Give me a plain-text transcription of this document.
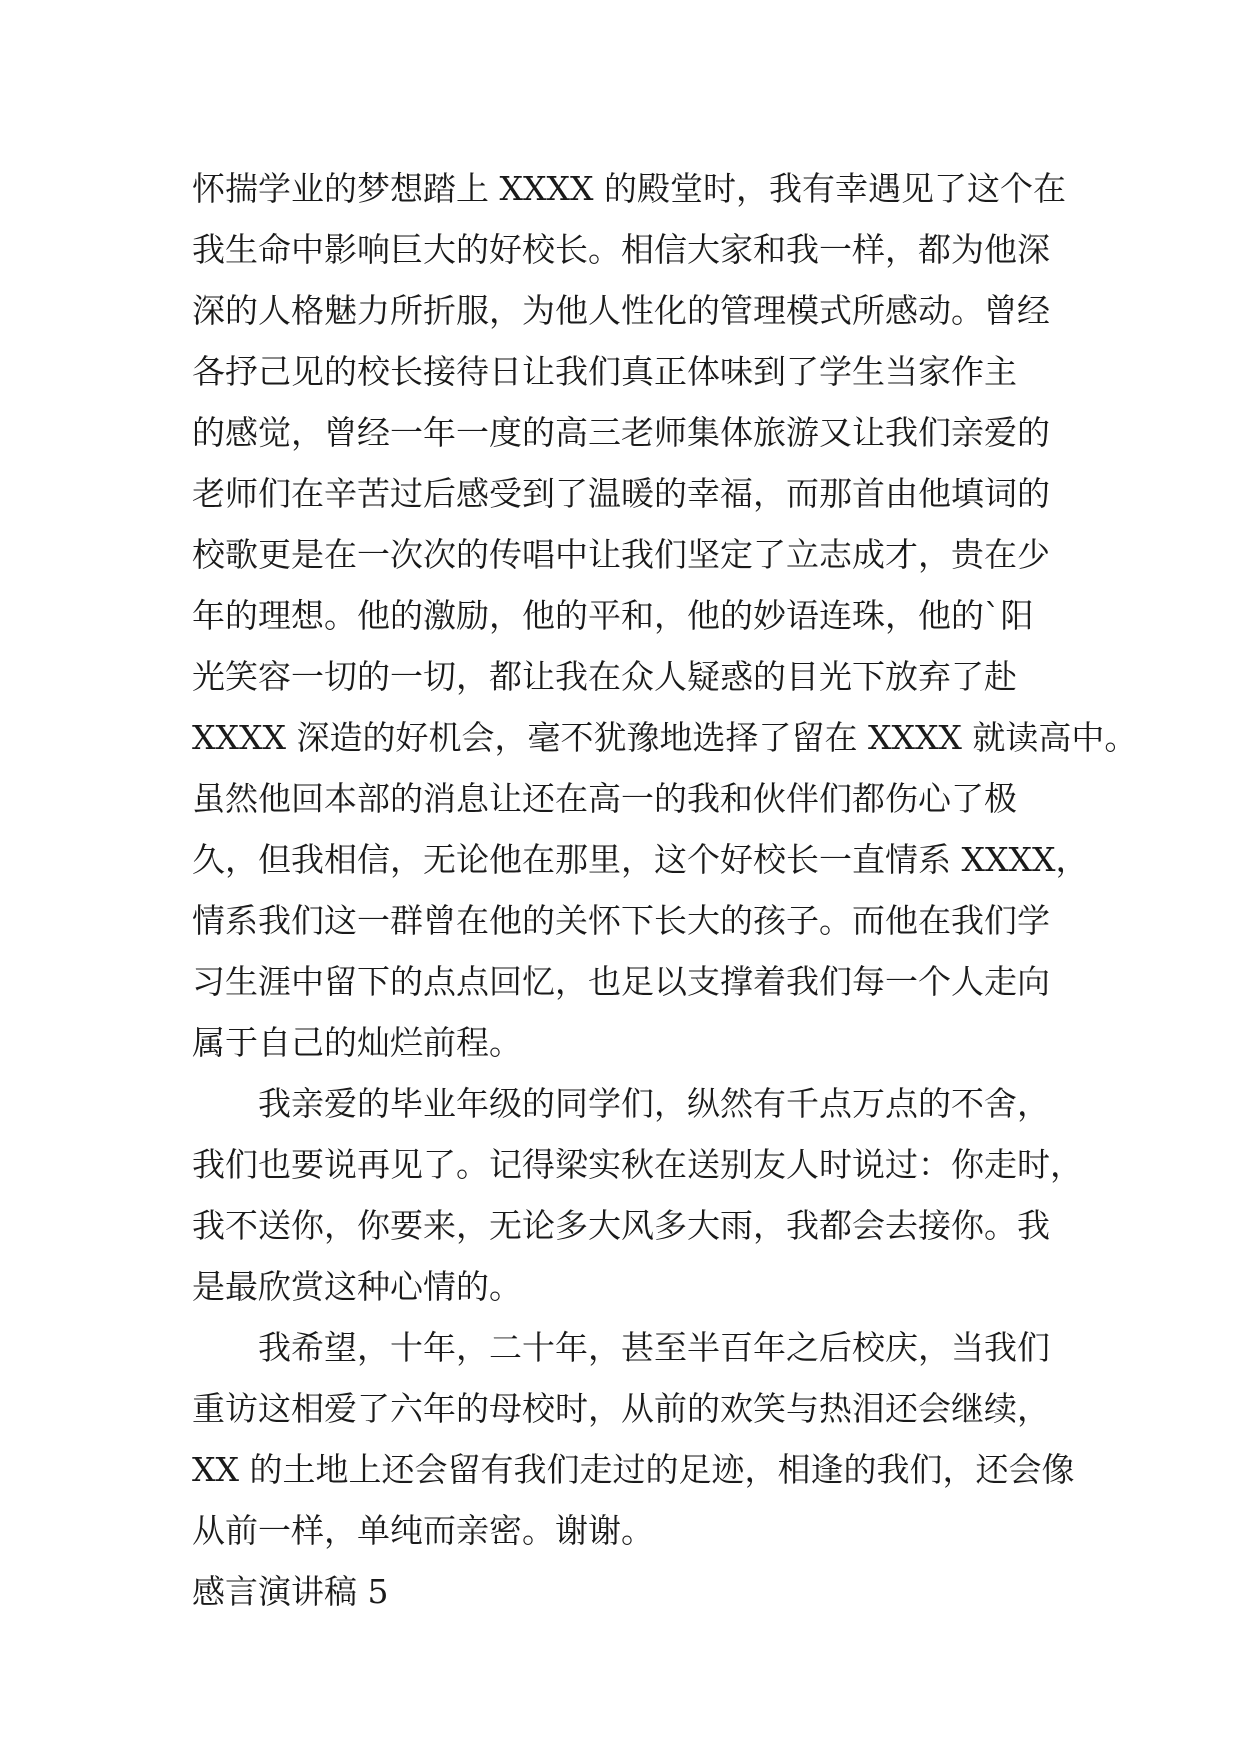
怀揣学业的梦想踏上 XXXX 的殿堂时，我有幸遇见了这个在
我生命中影响巨大的好校长。相信大家和我一样，都为他深
深的人格魅力所折服，为他人性化的管理模式所感动。曾经
各抒己见的校长接待日让我们真正体味到了学生当家作主
的感觉，曾经一年一度的高三老师集体旅游又让我们亲爱的
老师们在辛苦过后感受到了温暖的幸福，而那首由他填词的
校歌更是在一次次的传唱中让我们坚定了立志成才，贵在少
年的理想。他的激励，他的平和，他的妙语连珠，他的`阳
光笑容一切的一切，都让我在众人疑惑的目光下放弃了赴
XXXX 深造的好机会，毫不犹豫地选择了留在 XXXX 就读高中。
虽然他回本部的消息让还在高一的我和伙伴们都伤心了极
久，但我相信，无论他在那里，这个好校长一直情系 XXXX，
情系我们这一群曾在他的关怀下长大的孩子。而他在我们学
习生涯中留下的点点回忆，也足以支撑着我们每一个人走向
属于自己的灿烂前程。
我亲爱的毕业年级的同学们，纵然有千点万点的不舍，
我们也要说再见了。记得梁实秋在送别友人时说过：你走时，
我不送你，你要来，无论多大风多大雨，我都会去接你。我
是最欣赏这种心情的。
我希望，十年，二十年，甚至半百年之后校庆，当我们
重访这相爱了六年的母校时，从前的欢笑与热泪还会继续，
XX 的土地上还会留有我们走过的足迹，相逢的我们，还会像
从前一样，单纯而亲密。谢谢。
感言演讲稿 5
